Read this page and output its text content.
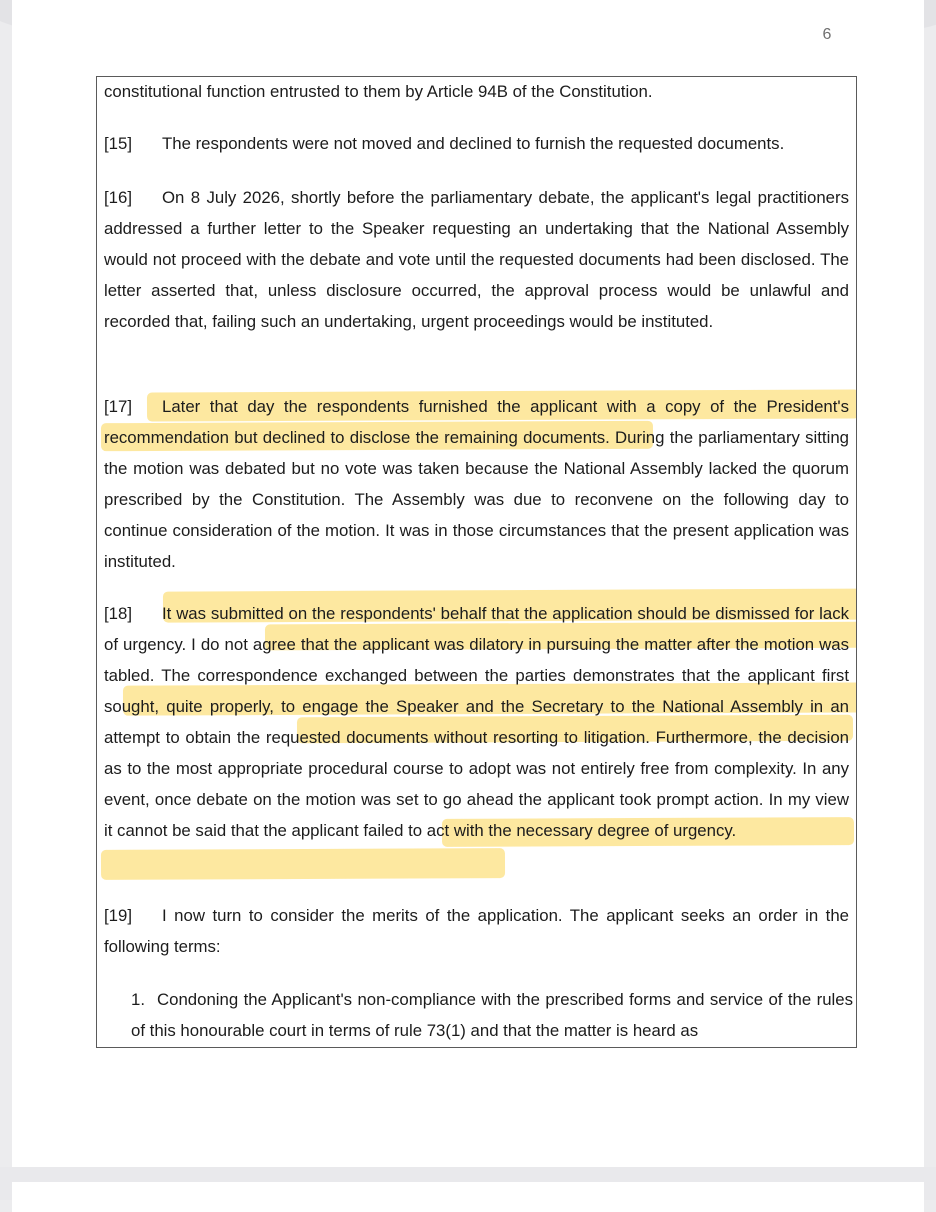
6

constitutional function entrusted to them by Article 94B of the Constitution.

[15] The respondents were not moved and declined to furnish the requested documents.

[16] On 8 July 2026, shortly before the parliamentary debate, the applicant's legal practitioners addressed a further letter to the Speaker requesting an undertaking that the National Assembly would not proceed with the debate and vote until the requested documents had been disclosed. The letter asserted that, unless disclosure occurred, the approval process would be unlawful and recorded that, failing such an undertaking, urgent proceedings would be instituted.

[17] Later that day the respondents furnished the applicant with a copy of the President's recommendation but declined to disclose the remaining documents. During the parliamentary sitting the motion was debated but no vote was taken because the National Assembly lacked the quorum prescribed by the Constitution. The Assembly was due to reconvene on the following day to continue consideration of the motion. It was in those circumstances that the present application was instituted.

[18] It was submitted on the respondents' behalf that the application should be dismissed for lack of urgency. I do not agree that the applicant was dilatory in pursuing the matter after the motion was tabled. The correspondence exchanged between the parties demonstrates that the applicant first sought, quite properly, to engage the Speaker and the Secretary to the National Assembly in an attempt to obtain the requested documents without resorting to litigation. Furthermore, the decision as to the most appropriate procedural course to adopt was not entirely free from complexity. In any event, once debate on the motion was set to go ahead the applicant took prompt action. In my view it cannot be said that the applicant failed to act with the necessary degree of urgency.

[19] I now turn to consider the merits of the application. The applicant seeks an order in the following terms:

1. Condoning the Applicant's non-compliance with the prescribed forms and service of the rules of this honourable court in terms of rule 73(1) and that the matter is heard as
